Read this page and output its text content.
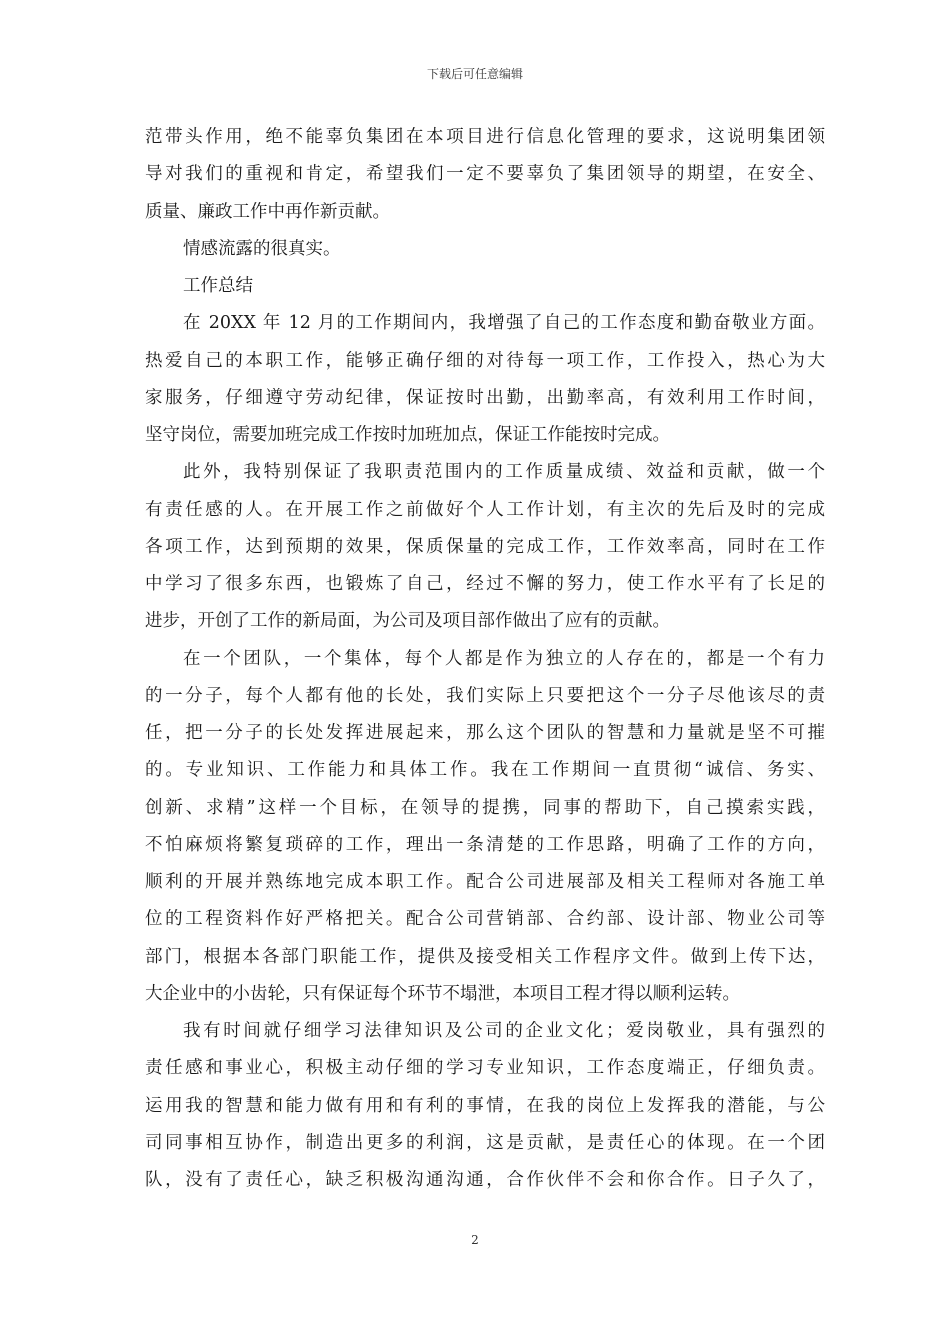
下载后可任意编辑
范带头作用，绝不能辜负集团在本项目进行信息化管理的要求，这说明集团领
导对我们的重视和肯定，希望我们一定不要辜负了集团领导的期望，在安全、
质量、廉政工作中再作新贡献。
情感流露的很真实。
工作总结
在 20XX 年 12 月的工作期间内，我增强了自己的工作态度和勤奋敬业方面。
热爱自己的本职工作，能够正确仔细的对待每一项工作，工作投入，热心为大
家服务，仔细遵守劳动纪律，保证按时出勤，出勤率高，有效利用工作时间，
坚守岗位，需要加班完成工作按时加班加点，保证工作能按时完成。
此外，我特别保证了我职责范围内的工作质量成绩、效益和贡献，做一个
有责任感的人。在开展工作之前做好个人工作计划，有主次的先后及时的完成
各项工作，达到预期的效果，保质保量的完成工作，工作效率高，同时在工作
中学习了很多东西，也锻炼了自己，经过不懈的努力，使工作水平有了长足的
进步，开创了工作的新局面，为公司及项目部作做出了应有的贡献。
在一个团队，一个集体，每个人都是作为独立的人存在的，都是一个有力
的一分子，每个人都有他的长处，我们实际上只要把这个一分子尽他该尽的责
任，把一分子的长处发挥进展起来，那么这个团队的智慧和力量就是坚不可摧
的。专业知识、工作能力和具体工作。我在工作期间一直贯彻“诚信、务实、
创新、求精”这样一个目标，在领导的提携，同事的帮助下，自己摸索实践，
不怕麻烦将繁复琐碎的工作，理出一条清楚的工作思路，明确了工作的方向，
顺利的开展并熟练地完成本职工作。配合公司进展部及相关工程师对各施工单
位的工程资料作好严格把关。配合公司营销部、合约部、设计部、物业公司等
部门，根据本各部门职能工作，提供及接受相关工作程序文件。做到上传下达，
大企业中的小齿轮，只有保证每个环节不塌泄，本项目工程才得以顺利运转。
我有时间就仔细学习法律知识及公司的企业文化；爱岗敬业，具有强烈的
责任感和事业心，积极主动仔细的学习专业知识，工作态度端正，仔细负责。
运用我的智慧和能力做有用和有利的事情，在我的岗位上发挥我的潜能，与公
司同事相互协作，制造出更多的利润，这是贡献，是责任心的体现。在一个团
队，没有了责任心，缺乏积极沟通沟通，合作伙伴不会和你合作。日子久了，
2
